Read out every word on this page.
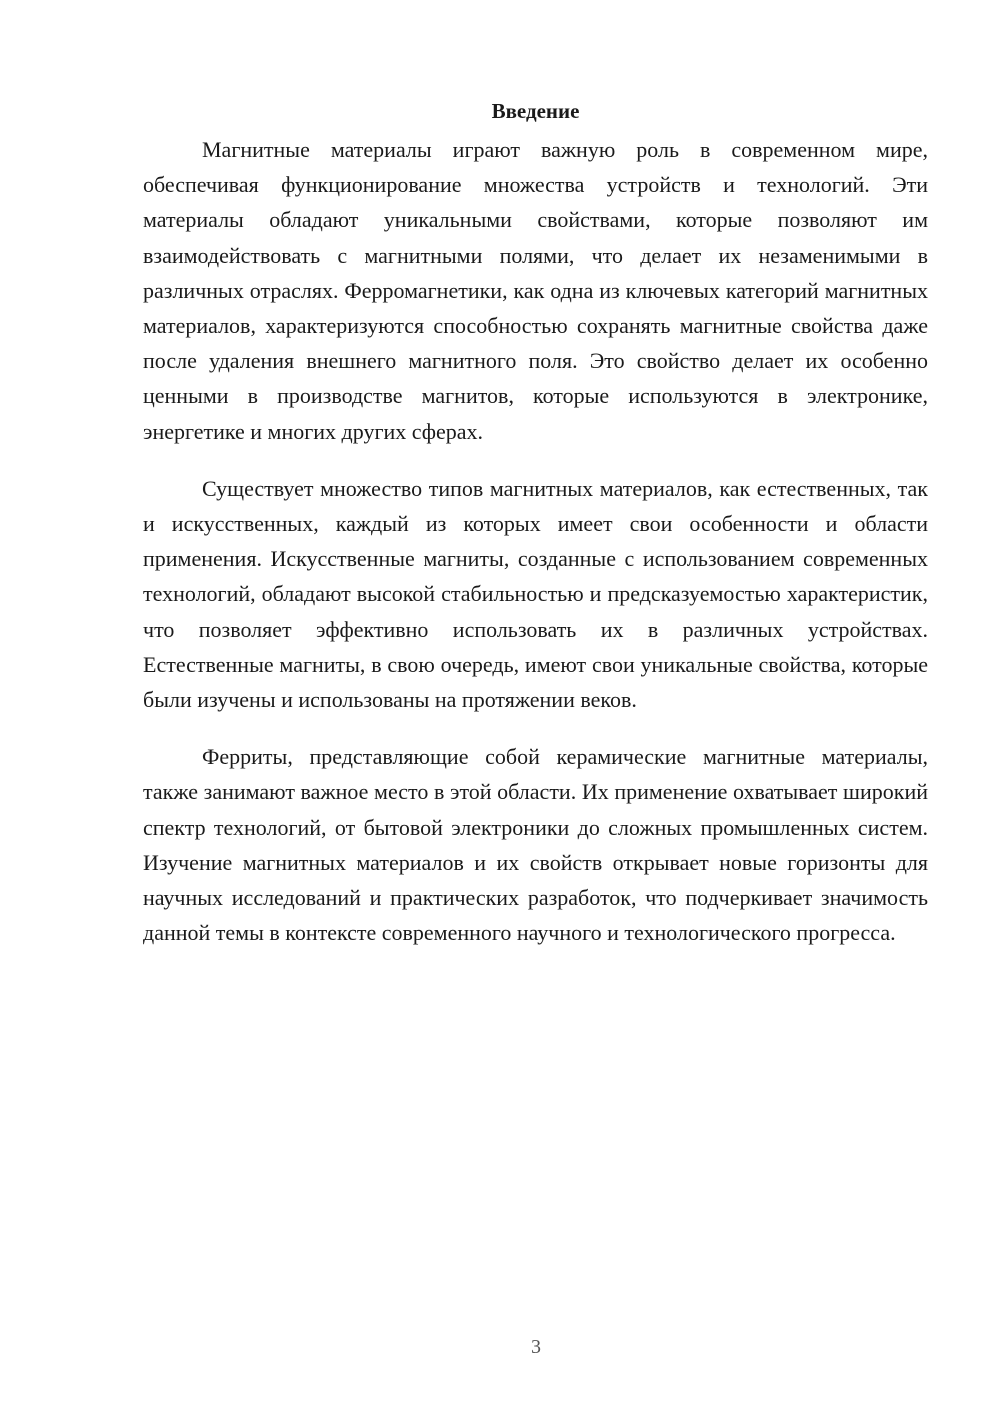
Введение

Магнитные материалы играют важную роль в современном мире, обеспечивая функционирование множества устройств и технологий. Эти материалы обладают уникальными свойствами, которые позволяют им взаимодействовать с магнитными полями, что делает их незаменимыми в различных отраслях. Ферромагнетики, как одна из ключевых категорий магнитных материалов, характеризуются способностью сохранять магнитные свойства даже после удаления внешнего магнитного поля. Это свойство делает их особенно ценными в производстве магнитов, которые используются в электронике, энергетике и многих других сферах.

Существует множество типов магнитных материалов, как естественных, так и искусственных, каждый из которых имеет свои особенности и области применения. Искусственные магниты, созданные с использованием современных технологий, обладают высокой стабильностью и предсказуемостью характеристик, что позволяет эффективно использовать их в различных устройствах. Естественные магниты, в свою очередь, имеют свои уникальные свойства, которые были изучены и использованы на протяжении веков.

Ферриты, представляющие собой керамические магнитные материалы, также занимают важное место в этой области. Их применение охватывает широкий спектр технологий, от бытовой электроники до сложных промышленных систем. Изучение магнитных материалов и их свойств открывает новые горизонты для научных исследований и практических разработок, что подчеркивает значимость данной темы в контексте современного научного и технологического прогресса.

3
